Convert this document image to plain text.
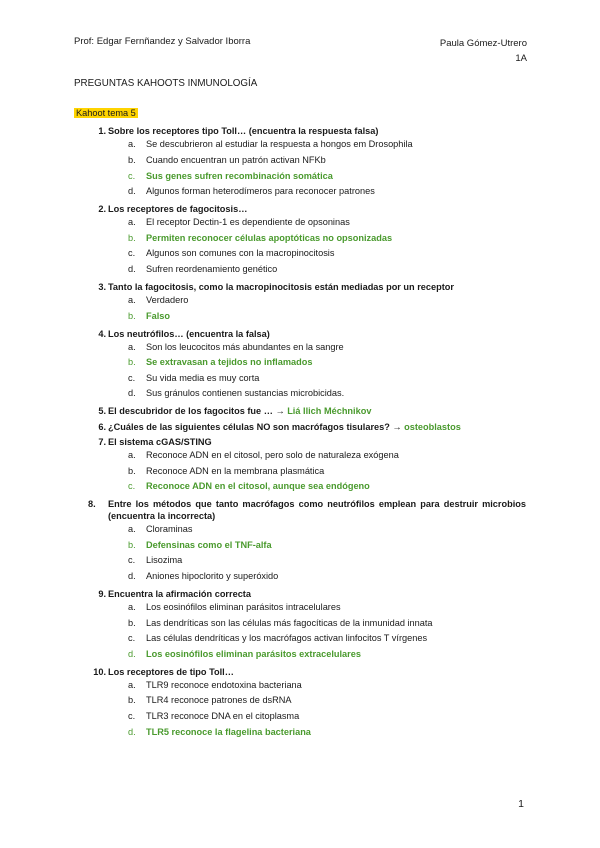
Prof: Edgar Fernñandez y Salvador Iborra	Paula Gómez-Utrero
1A
PREGUNTAS KAHOOTS INMUNOLOGÍA
Kahoot tema 5
1. Sobre los receptores tipo Toll… (encuentra la respuesta falsa)
a. Se descubrieron al estudiar la respuesta a hongos em Drosophila
b. Cuando encuentran un patrón activan NFKb
c. Sus genes sufren recombinación somática
d. Algunos forman heterodímeros para reconocer patrones
2. Los receptores de fagocitosis…
a. El receptor Dectin-1 es dependiente de opsoninas
b. Permiten reconocer células apoptóticas no opsonizadas
c. Algunos son comunes con la macropinocitosis
d. Sufren reordenamiento genético
3. Tanto la fagocitosis, como la macropinocitosis están mediadas por un receptor
a. Verdadero
b. Falso
4. Los neutrófilos… (encuentra la falsa)
a. Son los leucocitos más abundantes en la sangre
b. Se extravasan a tejidos no inflamados
c. Su vida media es muy corta
d. Sus gránulos contienen sustancias microbicidas.
5. El descubridor de los fagocitos fue … → Liá Ilich Méchnikov
6. ¿Cuáles de las siguientes células NO son macrófagos tisulares? → osteoblastos
7. El sistema cGAS/STING
a. Reconoce ADN en el citosol, pero solo de naturaleza exógena
b. Reconoce ADN en la membrana plasmática
c. Reconoce ADN en el citosol, aunque sea endógeno
8.	Entre los métodos que tanto macrófagos como neutrófilos emplean para destruir microbios (encuentra la incorrecta)
a. Cloraminas
b. Defensinas como el TNF-alfa
c. Lisozima
d. Aniones hipoclorito y superóxido
9. Encuentra la afirmación correcta
a. Los eosinófilos eliminan parásitos intracelulares
b. Las dendríticas son las células más fagocíticas de la inmunidad innata
c. Las células dendríticas y los macrófagos activan linfocitos T vírgenes
d. Los eosinófilos eliminan parásitos extracelulares
10. Los receptores de tipo Toll…
a. TLR9 reconoce endotoxina bacteriana
b. TLR4 reconoce patrones de dsRNA
c. TLR3 reconoce DNA en el citoplasma
d. TLR5 reconoce la flagelina bacteriana
1
